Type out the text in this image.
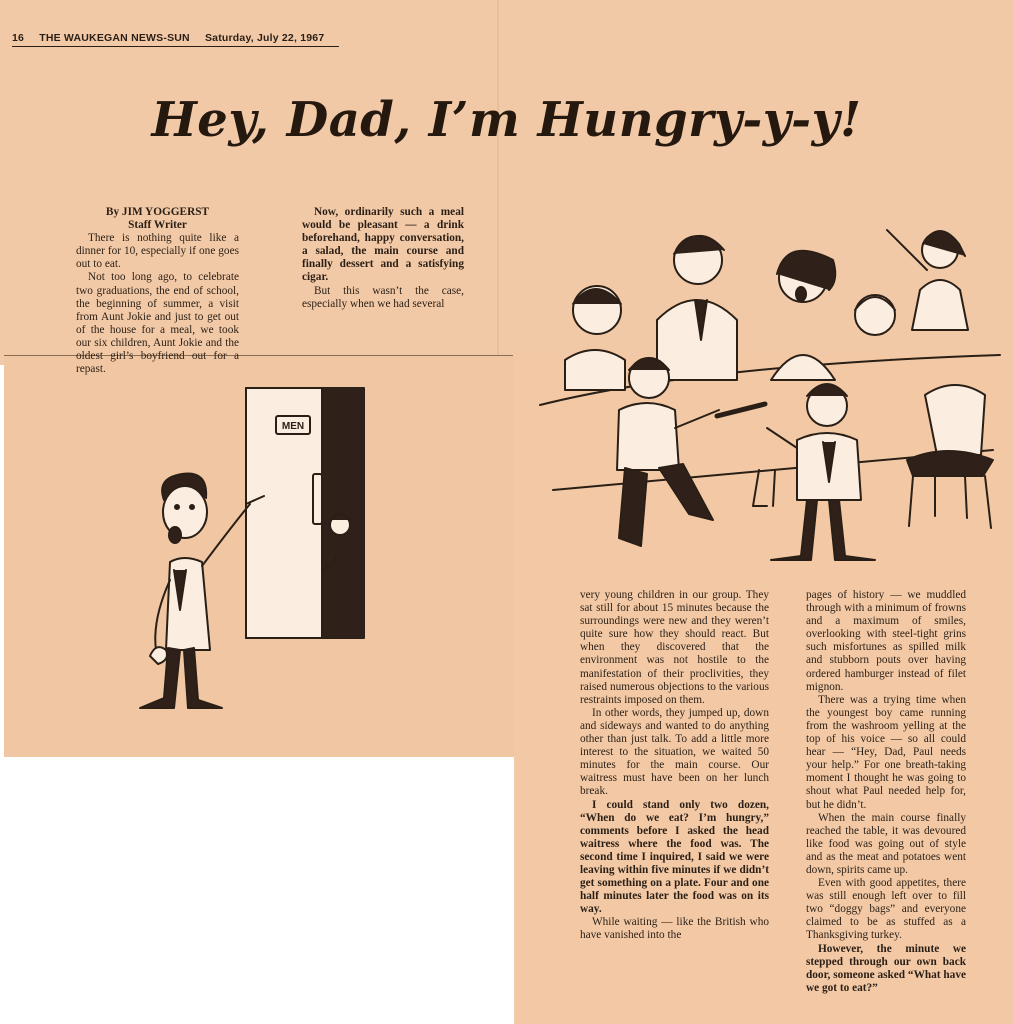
16 THE WAUKEGAN NEWS-SUN Saturday, July 22, 1967
Hey, Dad, I’m Hungry-y-y!

By JIM YOGGERST

Staff Writer

There is nothing quite like a dinner for 10, especially if one goes out to eat.

Not too long ago, to celebrate two graduations, the end of school, the beginning of summer, a visit from Aunt Jokie and just to get out of the house for a meal, we took our six children, Aunt Jokie and the oldest girl’s boyfriend out for a repast.

Now, ordinarily such a meal would be pleasant — a drink beforehand, happy conversation, a salad, the main course and finally dessert and a satisfying cigar.

But this wasn’t the case, especially when we had several

very young children in our group. They sat still for about 15 minutes because the surroundings were new and they weren’t quite sure how they should react. But when they discovered that the environment was not hostile to the manifestation of their proclivities, they raised numerous objections to the various restraints imposed on them.

In other words, they jumped up, down and sideways and wanted to do anything other than just talk. To add a little more interest to the situation, we waited 50 minutes for the main course. Our waitress must have been on her lunch break.

I could stand only two dozen, “When do we eat? I’m hungry,” comments before I asked the head waitress where the food was. The second time I inquired, I said we were leaving within five minutes if we didn’t get something on a plate. Four and one half minutes later the food was on its way.

While waiting — like the British who have vanished into the

pages of history — we muddled through with a minimum of frowns and a maximum of smiles, overlooking with steel-tight grins such misfortunes as spilled milk and stubborn pouts over having ordered hamburger instead of filet mignon.

There was a trying time when the youngest boy came running from the washroom yelling at the top of his voice — so all could hear — “Hey, Dad, Paul needs your help.” For one breath-taking moment I thought he was going to shout what Paul needed help for, but he didn’t.

When the main course finally reached the table, it was devoured like food was going out of style and as the meat and potatoes went down, spirits came up.

Even with good appetites, there was still enough left over to fill two “doggy bags” and everyone claimed to be as stuffed as a Thanksgiving turkey.

However, the minute we stepped through our own back door, someone asked “What have we got to eat?”

MEN
